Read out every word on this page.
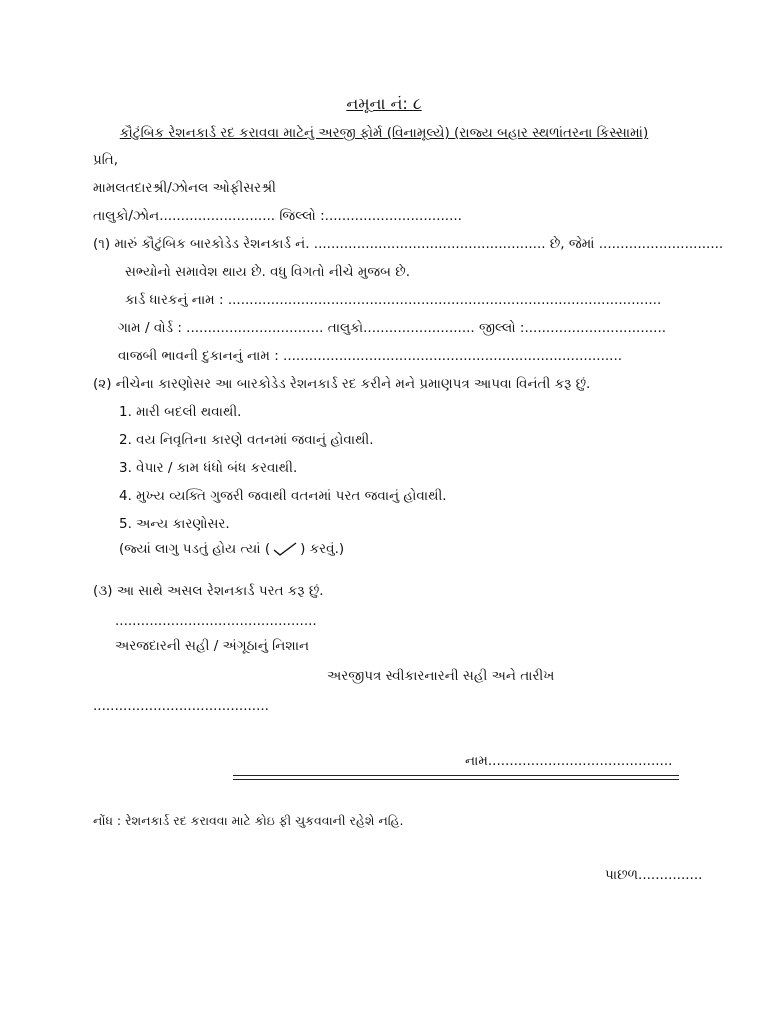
નમૂના નં: ૮
કૌટુંબિક રેશનકાર્ડ રદ કરાવવા માટેનું અરજી ફોર્મ (વિનામૂલ્યે) (રાજ્ય બહાર સ્થળાંતરના કિસ્સામાં)
પ્રતિ,
મામલતદારશ્રી/ઝોનલ ઓફીસરશ્રી
તાલુકો/ઝોન........................... જિલ્લો :................................
(૧) મારું કૌટુંબિક બારકોડેડ રેશનકાર્ડ નં. ...................................................... છે, જેમાં .............................
સભ્યોનો સમાવેશ થાય છે. વધુ વિગતો નીચે મુજબ છે.
કાર્ડ ધારકનું નામ : .....................................................................................................
ગામ / વોર્ડ : ................................ તાલુકો.......................... જીલ્લો :.................................
વાજબી ભાવની દુકાનનું નામ : ...............................................................................
(૨) નીચેના કારણોસર આ બારકોડેડ રેશનકાર્ડ રદ કરીને મને પ્રમાણપત્ર આપવા વિનંતી કરૂ છું.
1. મારી બદલી થવાથી.
2. વય નિવૃતિના કારણે વતનમાં જવાનું હોવાથી.
3. વેપાર / કામ ધંધો બંધ કરવાથી.
4. મુખ્ય વ્યક્તિ ગુજરી જવાથી વતનમાં પરત જવાનું હોવાથી.
5. અન્ય કારણોસર.
(જ્યાં લાગુ પડતું હોય ત્યાં ( ) કરવું.)
(૩) આ સાથે અસલ રેશનકાર્ડ પરત કરૂ છું.
...............................................
અરજદારની સહી / અંગૂઠાનું નિશાન
અરજીપત્ર સ્વીકારનારની સહી અને તારીખ
.........................................
નામ...........................................
નોંધ : રેશનકાર્ડ રદ કરાવવા માટે કોઇ ફી ચુકવવાની રહેશે નહિ.
પાછળ...............
